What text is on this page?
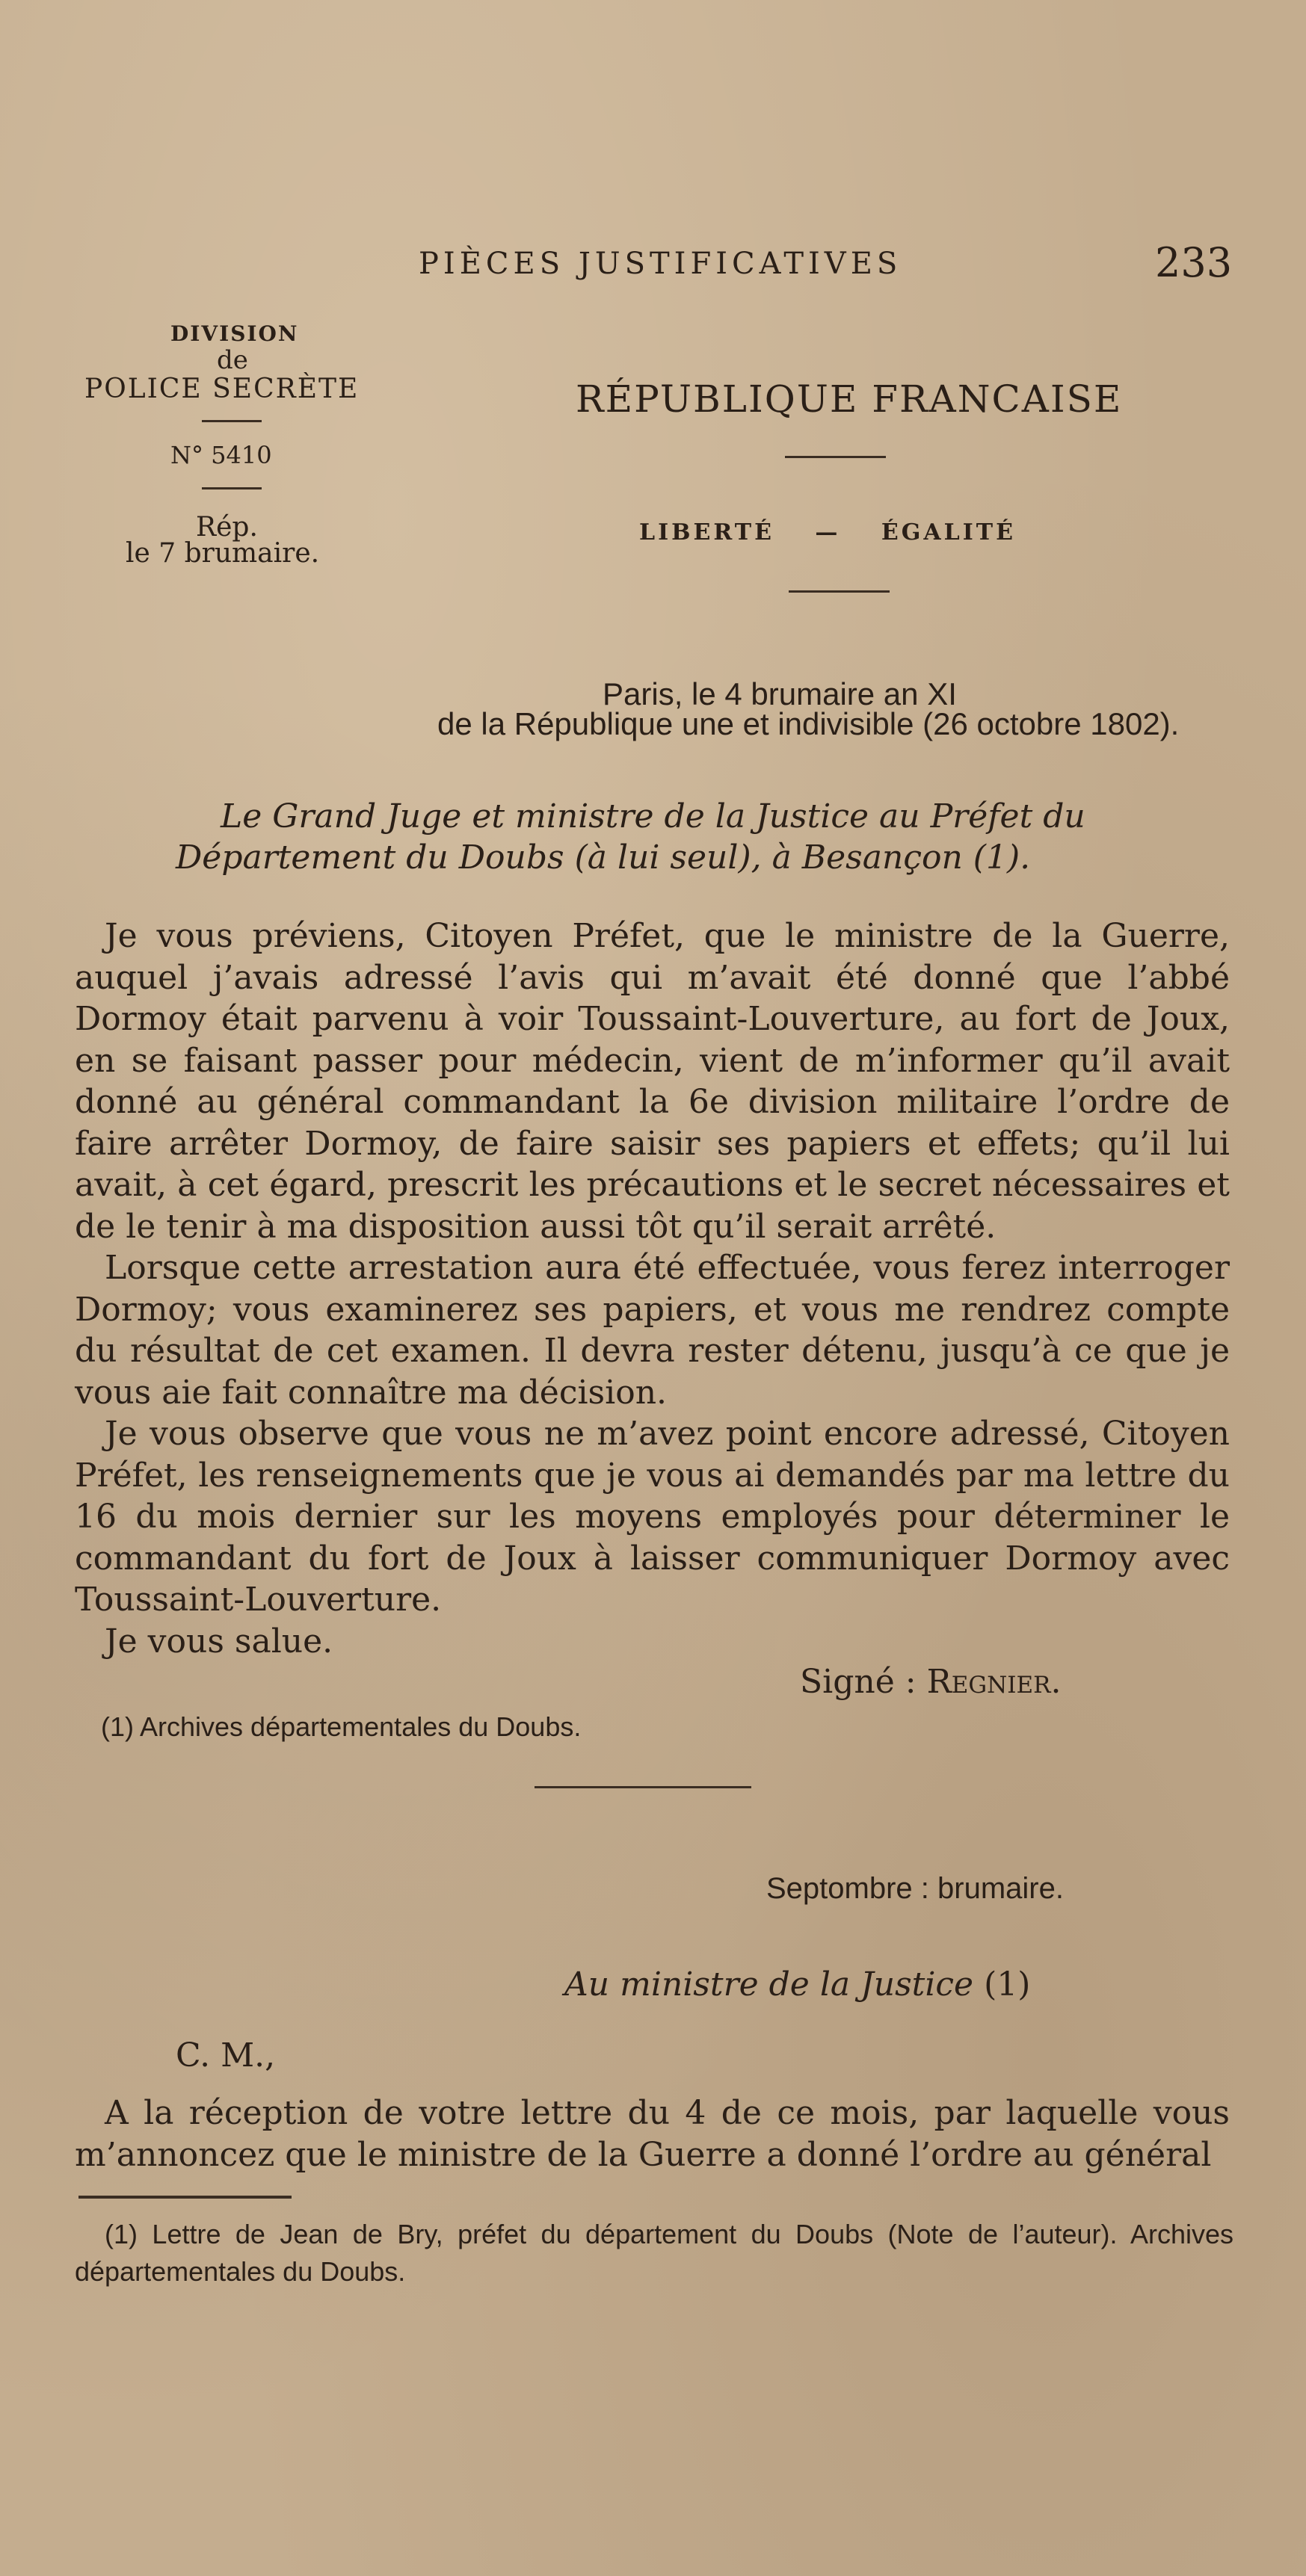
PIÈCES JUSTIFICATIVES	233
DIVISION
de
POLICE SECRÈTE
N° 5410
Rép.
le 7 brumaire.
RÉPUBLIQUE FRANCAISE
LIBERTÉ — ÉGALITÉ
Paris, le 4 brumaire an XI
de la République une et indivisible (26 octobre 1802).
Le Grand Juge et ministre de la Justice au Préfet du Département du Doubs (à lui seul), à Besançon (1).

Je vous préviens, Citoyen Préfet, que le ministre de la Guerre, auquel j’avais adressé l’avis qui m’avait été donné que l’abbé Dormoy était parvenu à voir Toussaint-Louverture, au fort de Joux, en se faisant passer pour médecin, vient de m’informer qu’il avait donné au général commandant la 6e division militaire l’ordre de faire arrêter Dormoy, de faire saisir ses papiers et effets; qu’il lui avait, à cet égard, prescrit les précautions et le secret nécessaires et de le tenir à ma disposition aussi tôt qu’il serait arrêté.

Lorsque cette arrestation aura été effectuée, vous ferez interroger Dormoy; vous examinerez ses papiers, et vous me rendrez compte du résultat de cet examen. Il devra rester détenu, jusqu’à ce que je vous aie fait connaître ma décision.

Je vous observe que vous ne m’avez point encore adressé, Citoyen Préfet, les renseignements que je vous ai demandés par ma lettre du 16 du mois dernier sur les moyens employés pour déterminer le commandant du fort de Joux à laisser communiquer Dormoy avec Toussaint-Louverture.

Je vous salue.

Signé : Regnier.
(1) Archives départementales du Doubs.
Septombre : brumaire.
Au ministre de la Justice (1)
C. M.,

A la réception de votre lettre du 4 de ce mois, par laquelle vous m’annoncez que le ministre de la Guerre a donné l’ordre au général

(1) Lettre de Jean de Bry, préfet du département du Doubs (Note de l’auteur). Archives départementales du Doubs.
